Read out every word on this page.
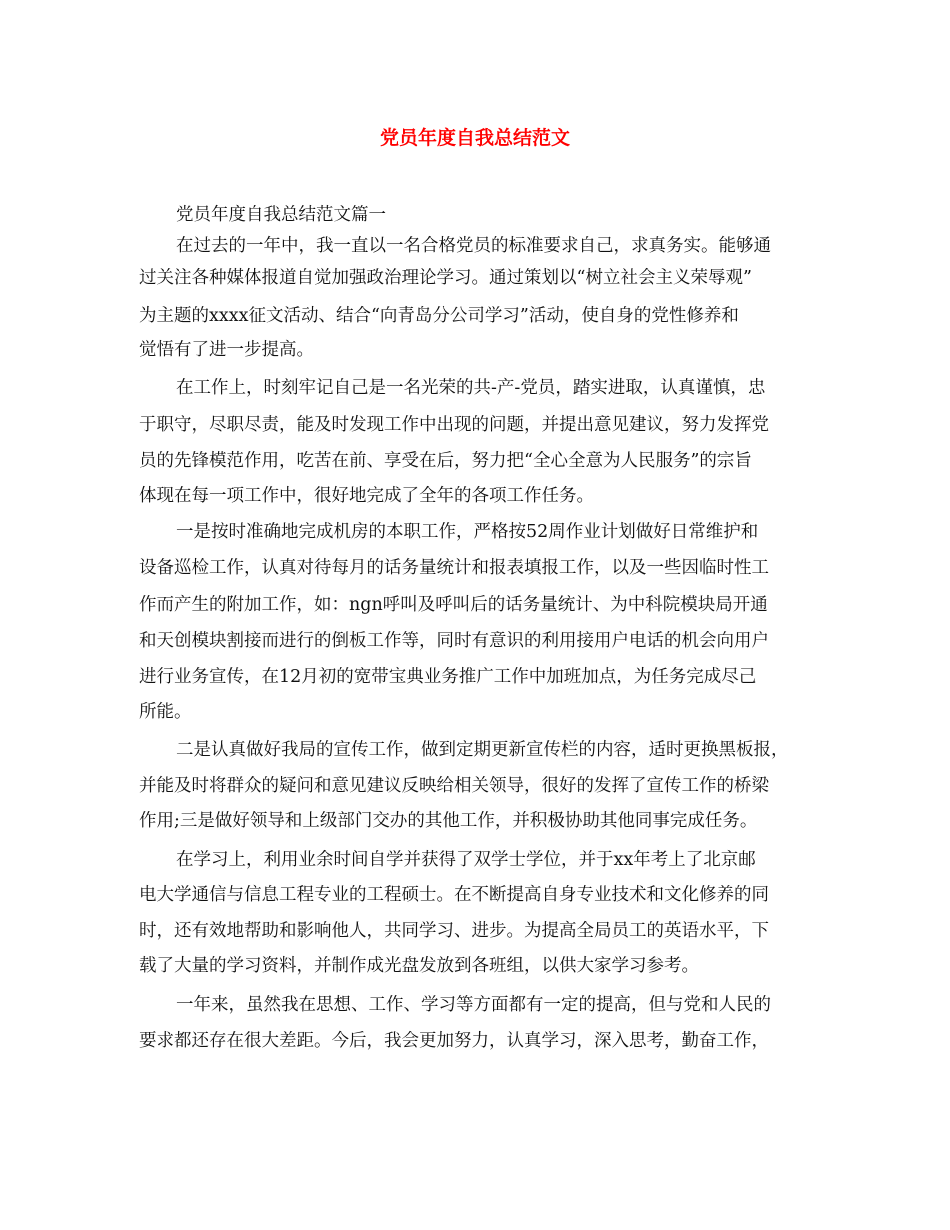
党员年度自我总结范文
党员年度自我总结范文篇一
在过去的一年中，我一直以一名合格党员的标准要求自己，求真务实。能够通
过关注各种媒体报道自觉加强政治理论学习。通过策划以“树立社会主义荣辱观”
为主题的xxxx征文活动、结合“向青岛分公司学习”活动，使自身的党性修养和
觉悟有了进一步提高。
在工作上，时刻牢记自己是一名光荣的共-产-党员，踏实进取，认真谨慎，忠
于职守，尽职尽责，能及时发现工作中出现的问题，并提出意见建议，努力发挥党
员的先锋模范作用，吃苦在前、享受在后，努力把“全心全意为人民服务”的宗旨
体现在每一项工作中，很好地完成了全年的各项工作任务。
一是按时准确地完成机房的本职工作，严格按52周作业计划做好日常维护和
设备巡检工作，认真对待每月的话务量统计和报表填报工作，以及一些因临时性工
作而产生的附加工作，如：ngn呼叫及呼叫后的话务量统计、为中科院模块局开通
和天创模块割接而进行的倒板工作等，同时有意识的利用接用户电话的机会向用户
进行业务宣传，在12月初的宽带宝典业务推广工作中加班加点，为任务完成尽己
所能。
二是认真做好我局的宣传工作，做到定期更新宣传栏的内容，适时更换黑板报，
并能及时将群众的疑问和意见建议反映给相关领导，很好的发挥了宣传工作的桥梁
作用;三是做好领导和上级部门交办的其他工作，并积极协助其他同事完成任务。
在学习上，利用业余时间自学并获得了双学士学位，并于xx年考上了北京邮
电大学通信与信息工程专业的工程硕士。在不断提高自身专业技术和文化修养的同
时，还有效地帮助和影响他人，共同学习、进步。为提高全局员工的英语水平，下
载了大量的学习资料，并制作成光盘发放到各班组，以供大家学习参考。
一年来，虽然我在思想、工作、学习等方面都有一定的提高，但与党和人民的
要求都还存在很大差距。今后，我会更加努力，认真学习，深入思考，勤奋工作，
